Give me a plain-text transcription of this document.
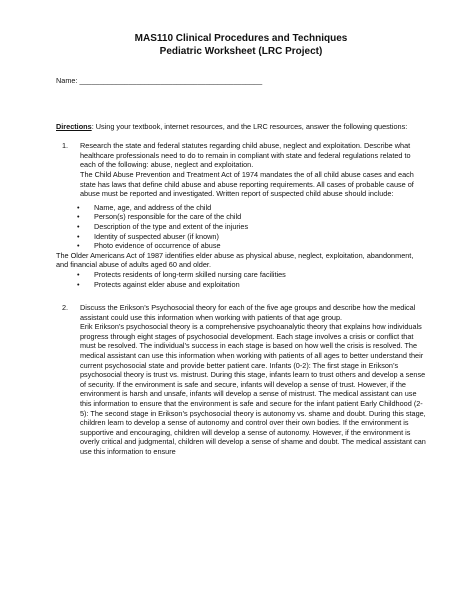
MAS110 Clinical Procedures and Techniques

Pediatric Worksheet (LRC Project)

Name: _____________________________________________
Directions: Using your textbook, internet resources, and the LRC resources, answer the following questions:
1. Research the state and federal statutes regarding child abuse, neglect and exploitation. Describe what healthcare professionals need to do to remain in compliant with state and federal regulations related to each of the following: abuse, neglect and exploitation.

The Child Abuse Prevention and Treatment Act of 1974 mandates the of all child abuse cases and each state has laws that define child abuse and abuse reporting requirements. All cases of probable cause of abuse must be reported and investigated. Written report of suspected child abuse should include:

• Name, age, and address of the child
• Person(s) responsible for the care of the child
• Description of the type and extent of the injuries
• Identity of suspected abuser (if known)
• Photo evidence of occurrence of abuse

The Older Americans Act of 1987 identifies elder abuse as physical abuse, neglect, exploitation, abandonment, and financial abuse of adults aged 60 and older.

• Protects residents of long-term skilled nursing care facilities
• Protects against elder abuse and exploitation
2. Discuss the Erikson’s Psychosocial theory for each of the five age groups and describe how the medical assistant could use this information when working with patients of that age group.

Erik Erikson’s psychosocial theory is a comprehensive psychoanalytic theory that explains how individuals progress through eight stages of psychosocial development. Each stage involves a crisis or conflict that must be resolved. The individual’s success in each stage is based on how well the crisis is resolved. The medical assistant can use this information when working with patients of all ages to better understand their current psychosocial state and provide better patient care. Infants (0-2): The first stage in Erikson’s psychosocial theory is trust vs. mistrust. During this stage, infants learn to trust others and develop a sense of security. If the environment is safe and secure, infants will develop a sense of trust. However, if the environment is harsh and unsafe, infants will develop a sense of mistrust. The medical assistant can use this information to ensure that the environment is safe and secure for the infant patient Early Childhood (2-5): The second stage in Erikson’s psychosocial theory is autonomy vs. shame and doubt. During this stage, children learn to develop a sense of autonomy and control over their own bodies. If the environment is supportive and encouraging, children will develop a sense of autonomy. However, if the environment is overly critical and judgmental, children will develop a sense of shame and doubt. The medical assistant can use this information to ensure
